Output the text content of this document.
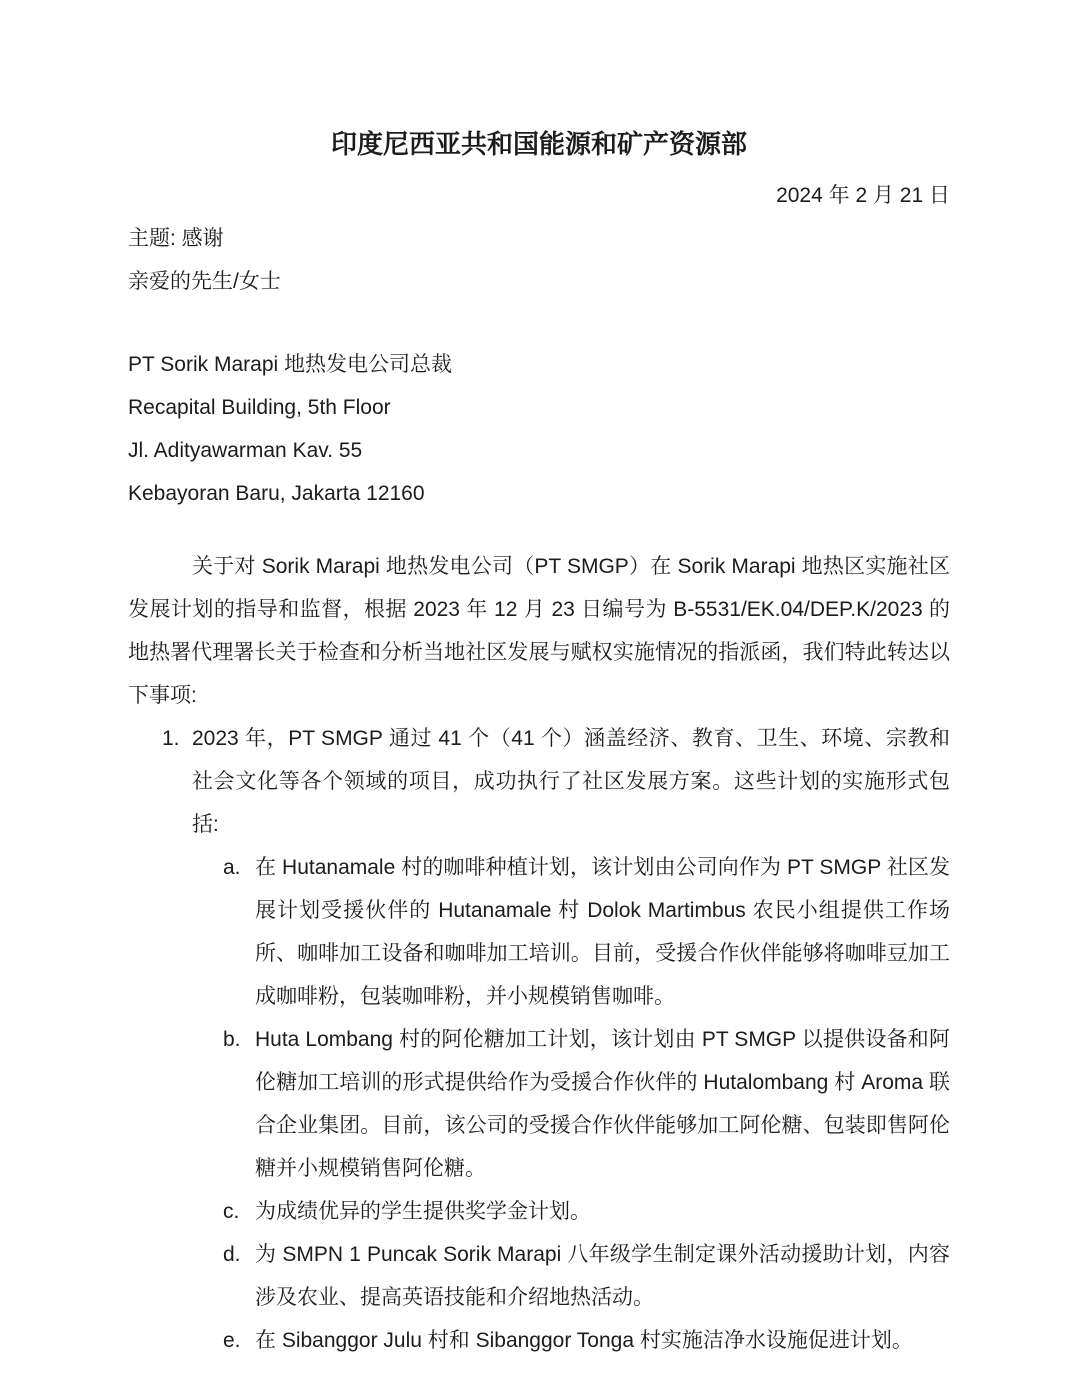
印度尼西亚共和国能源和矿产资源部
2024 年 2 月 21 日
主题: 感谢
亲爱的先生/女士
PT Sorik Marapi 地热发电公司总裁
Recapital Building, 5th Floor
Jl. Adityawarman Kav. 55
Kebayoran Baru, Jakarta 12160

关于对 Sorik Marapi 地热发电公司（PT SMGP）在 Sorik Marapi 地热区实施社区发展计划的指导和监督，根据 2023 年 12 月 23 日编号为 B-5531/EK.04/DEP.K/2023 的地热署代理署长关于检查和分析当地社区发展与赋权实施情况的指派函，我们特此转达以下事项:

1. 2023 年，PT SMGP 通过 41 个（41 个）涵盖经济、教育、卫生、环境、宗教和社会文化等各个领域的项目，成功执行了社区发展方案。这些计划的实施形式包括:
a. 在 Hutanamale 村的咖啡种植计划，该计划由公司向作为 PT SMGP 社区发展计划受援伙伴的 Hutanamale 村 Dolok Martimbus 农民小组提供工作场所、咖啡加工设备和咖啡加工培训。目前，受援合作伙伴能够将咖啡豆加工成咖啡粉，包装咖啡粉，并小规模销售咖啡。
b. Huta Lombang 村的阿伦糖加工计划，该计划由 PT SMGP 以提供设备和阿伦糖加工培训的形式提供给作为受援合作伙伴的 Hutalombang 村 Aroma 联合企业集团。目前，该公司的受援合作伙伴能够加工阿伦糖、包装即售阿伦糖并小规模销售阿伦糖。
c. 为成绩优异的学生提供奖学金计划。
d. 为 SMPN 1 Puncak Sorik Marapi 八年级学生制定课外活动援助计划，内容涉及农业、提高英语技能和介绍地热活动。
e. 在 Sibanggor Julu 村和 Sibanggor Tonga 村实施洁净水设施促进计划。
